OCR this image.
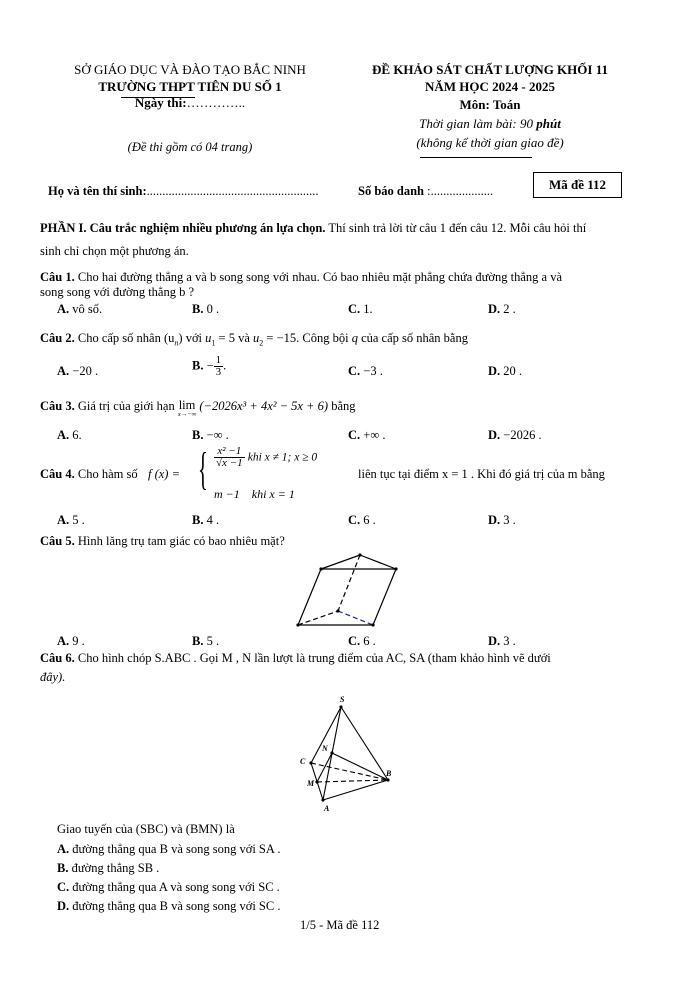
SỞ GIÁO DỤC VÀ ĐÀO TẠO BẮC NINH
TRƯỜNG THPT TIÊN DU SỐ 1
Ngày thi:…………..
(Đề thi gồm có 04 trang)
ĐỀ KHẢO SÁT CHẤT LƯỢNG KHỐI 11
NĂM HỌC 2024 - 2025
Môn: Toán
Thời gian làm bài: 90 phút
(không kể thời gian giao đề)
Họ và tên thí sinh:.......................................................	Số báo danh :....................	Mã đề 112
PHẦN I. Câu trắc nghiệm nhiều phương án lựa chọn. Thí sinh trả lời từ câu 1 đến câu 12. Mỗi câu hỏi thí
sinh chỉ chọn một phương án.
Câu 1. Cho hai đường thẳng a và b song song với nhau. Có bao nhiêu mặt phẳng chứa đường thẳng a và
song song với đường thẳng b ?
A. vô số.	B. 0 .	C. 1.	D. 2 .
Câu 2. Cho cấp số nhân $(u_n)$ với $u_1 = 5$ và $u_2 = -15$. Công bội q của cấp số nhân bằng
A. −20 .	B. − $\frac{1}{3}$ .	C. −3 .	D. 20 .
Câu 3. Giá trị của giới hạn lim
x→−∞
(−2026x³ + 4x² − 5x + 6) bằng
A. 6.	B. −∞ .	C. +∞ .	D. −2026 .
Câu 4. Cho hàm số f (x) = { $\frac{\text{x² −1}}{√x -1}$ khi x ≠ 1; x ≥ 0
m −1 khi x = 1
liên tục tại điểm x = 1 . Khi đó giá trị của m bằng
A. 5 .	B. 4 .	C. 6 .	D. 3 .
Câu 5. Hình lăng trụ tam giác có bao nhiêu mặt?
A. 9 .	B. 5 .	C. 6 .	D. 3 .
Câu 6. Cho hình chóp S.ABC . Gọi M , N lần lượt là trung điểm của AC, SA (tham khảo hình vẽ dưới
đây).
S
N
C
M
B
A
Giao tuyến của (SBC) và (BMN) là
A. đường thẳng qua B và song song với SA .
B. đường thẳng SB .
C. đường thẳng qua A và song song với SC .
D. đường thẳng qua B và song song với SC .
1/5 - Mã đề 112
